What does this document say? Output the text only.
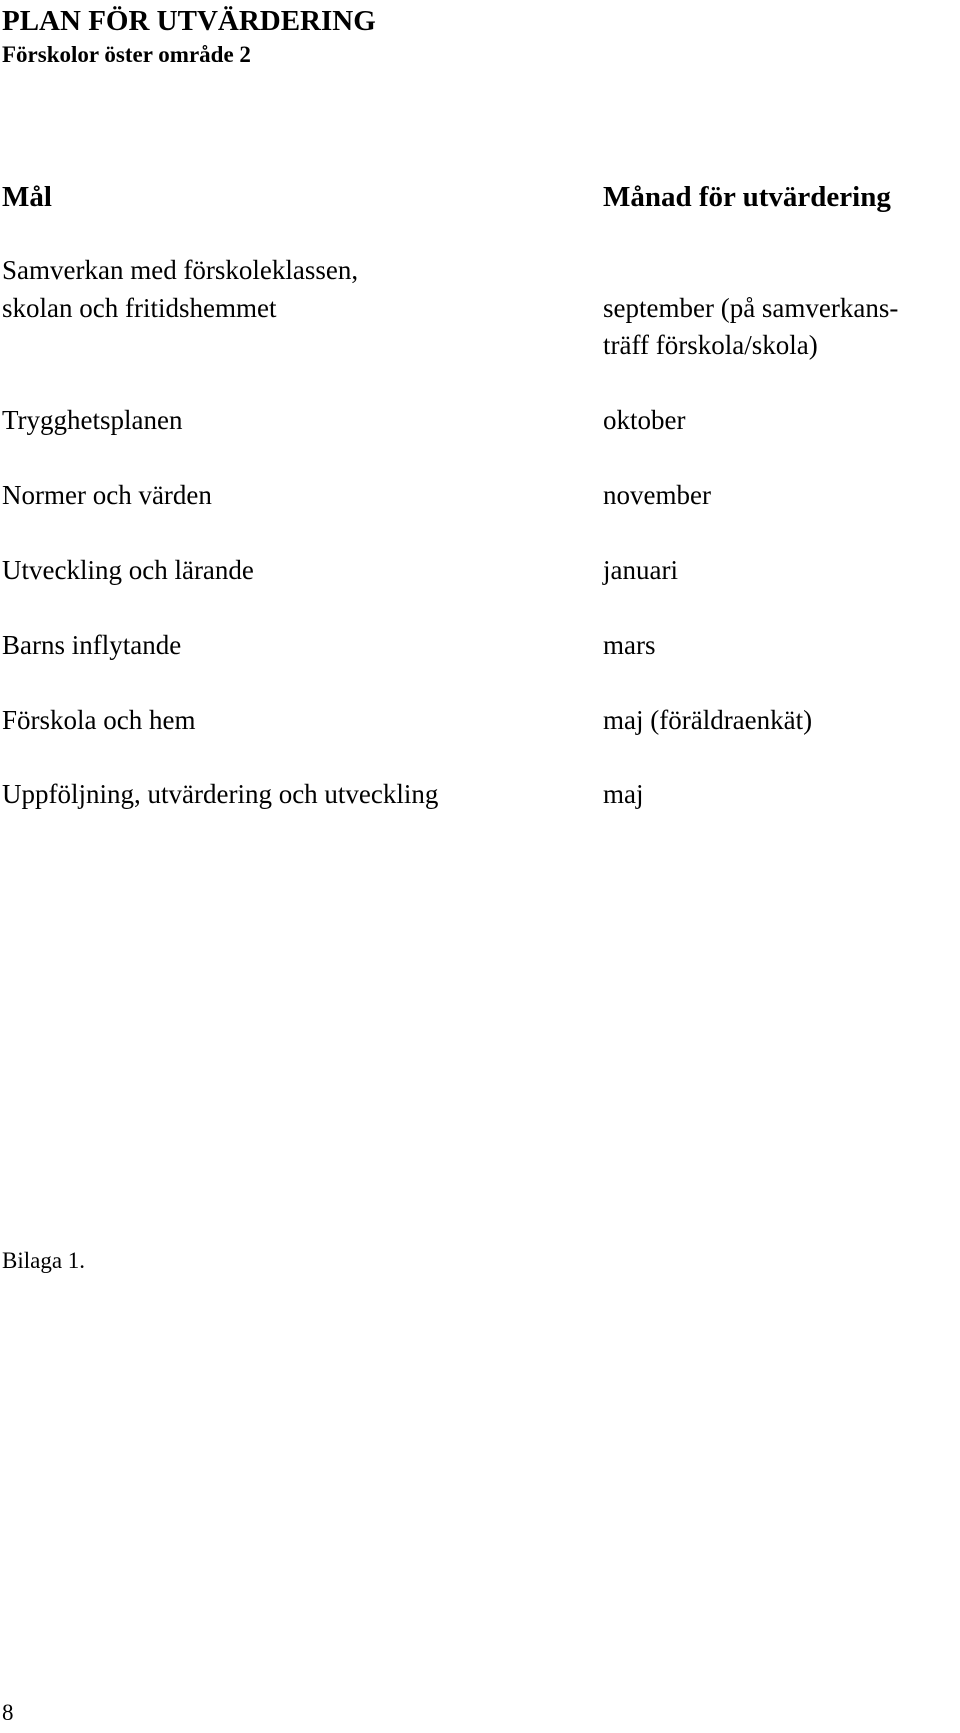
PLAN FÖR UTVÄRDERING
Förskolor öster område 2
Mål	Månad för utvärdering
Samverkan med förskoleklassen,
skolan och fritidshemmet	september (på samverkans-
träff förskola/skola)
Trygghetsplanen	oktober
Normer och värden	november
Utveckling och lärande	januari
Barns inflytande	mars
Förskola och hem	maj (föräldraenkät)
Uppföljning, utvärdering och utveckling	maj
Bilaga 1.
8
